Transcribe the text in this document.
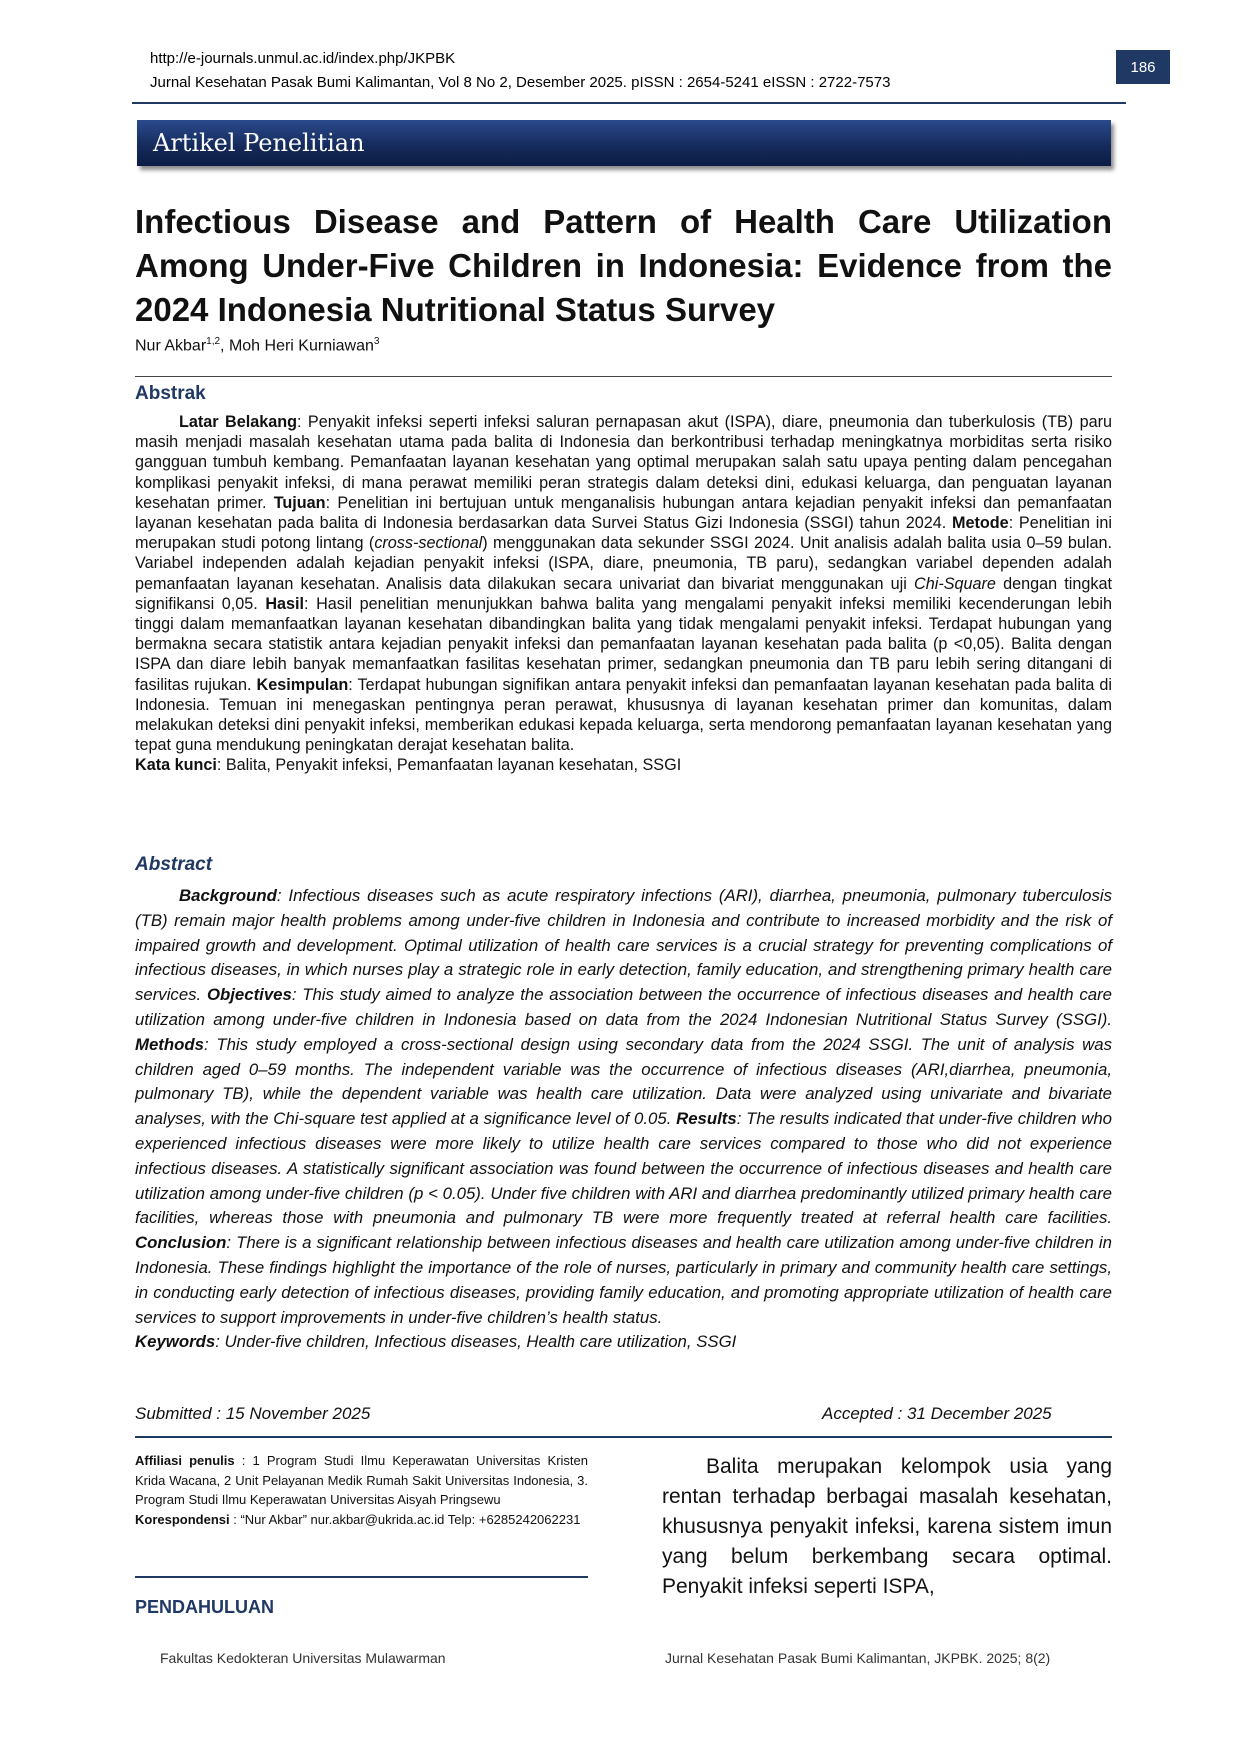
http://e-journals.unmul.ac.id/index.php/JKPBK
Jurnal Kesehatan Pasak Bumi Kalimantan, Vol 8 No 2, Desember 2025. pISSN : 2654-5241 eISSN : 2722-7573
186
Artikel Penelitian
Infectious Disease and Pattern of Health Care Utilization Among Under-Five Children in Indonesia: Evidence from the 2024 Indonesia Nutritional Status Survey
Nur Akbar$^{1,2}$, Moh Heri Kurniawan$^3$
Abstrak
Latar Belakang: Penyakit infeksi seperti infeksi saluran pernapasan akut (ISPA), diare, pneumonia dan tuberkulosis (TB) paru masih menjadi masalah kesehatan utama pada balita di Indonesia dan berkontribusi terhadap meningkatnya morbiditas serta risiko gangguan tumbuh kembang. Pemanfaatan layanan kesehatan yang optimal merupakan salah satu upaya penting dalam pencegahan komplikasi penyakit infeksi, di mana perawat memiliki peran strategis dalam deteksi dini, edukasi keluarga, dan penguatan layanan kesehatan primer. Tujuan: Penelitian ini bertujuan untuk menganalisis hubungan antara kejadian penyakit infeksi dan pemanfaatan layanan kesehatan pada balita di Indonesia berdasarkan data Survei Status Gizi Indonesia (SSGI) tahun 2024. Metode: Penelitian ini merupakan studi potong lintang (cross-sectional) menggunakan data sekunder SSGI 2024. Unit analisis adalah balita usia 0–59 bulan. Variabel independen adalah kejadian penyakit infeksi (ISPA, diare, pneumonia, TB paru), sedangkan variabel dependen adalah pemanfaatan layanan kesehatan. Analisis data dilakukan secara univariat dan bivariat menggunakan uji Chi-Square dengan tingkat signifikansi 0,05. Hasil: Hasil penelitian menunjukkan bahwa balita yang mengalami penyakit infeksi memiliki kecenderungan lebih tinggi dalam memanfaatkan layanan kesehatan dibandingkan balita yang tidak mengalami penyakit infeksi. Terdapat hubungan yang bermakna secara statistik antara kejadian penyakit infeksi dan pemanfaatan layanan kesehatan pada balita (p <0,05). Balita dengan ISPA dan diare lebih banyak memanfaatkan fasilitas kesehatan primer, sedangkan pneumonia dan TB paru lebih sering ditangani di fasilitas rujukan. Kesimpulan: Terdapat hubungan signifikan antara penyakit infeksi dan pemanfaatan layanan kesehatan pada balita di Indonesia. Temuan ini menegaskan pentingnya peran perawat, khususnya di layanan kesehatan primer dan komunitas, dalam melakukan deteksi dini penyakit infeksi, memberikan edukasi kepada keluarga, serta mendorong pemanfaatan layanan kesehatan yang tepat guna mendukung peningkatan derajat kesehatan balita.

Kata kunci: Balita, Penyakit infeksi, Pemanfaatan layanan kesehatan, SSGI

Abstract
Background: Infectious diseases such as acute respiratory infections (ARI), diarrhea, pneumonia, pulmonary tuberculosis (TB) remain major health problems among under-five children in Indonesia and contribute to increased morbidity and the risk of impaired growth and development. Optimal utilization of health care services is a crucial strategy for preventing complications of infectious diseases, in which nurses play a strategic role in early detection, family education, and strengthening primary health care services. Objectives: This study aimed to analyze the association between the occurrence of infectious diseases and health care utilization among under-five children in Indonesia based on data from the 2024 Indonesian Nutritional Status Survey (SSGI). Methods: This study employed a cross-sectional design using secondary data from the 2024 SSGI. The unit of analysis was children aged 0–59 months. The independent variable was the occurrence of infectious diseases (ARI,diarrhea, pneumonia, pulmonary TB), while the dependent variable was health care utilization. Data were analyzed using univariate and bivariate analyses, with the Chi-square test applied at a significance level of 0.05. Results: The results indicated that under-five children who experienced infectious diseases were more likely to utilize health care services compared to those who did not experience infectious diseases. A statistically significant association was found between the occurrence of infectious diseases and health care utilization among under-five children (p < 0.05). Under five children with ARI and diarrhea predominantly utilized primary health care facilities, whereas those with pneumonia and pulmonary TB were more frequently treated at referral health care facilities. Conclusion: There is a significant relationship between infectious diseases and health care utilization among under-five children in Indonesia. These findings highlight the importance of the role of nurses, particularly in primary and community health care settings, in conducting early detection of infectious diseases, providing family education, and promoting appropriate utilization of health care services to support improvements in under-five children’s health status.

Keywords: Under-five children, Infectious diseases, Health care utilization, SSGI

Submitted : 15 November 2025	Accepted : 31 December 2025
Affiliasi penulis : 1 Program Studi Ilmu Keperawatan Universitas Kristen Krida Wacana, 2 Unit Pelayanan Medik Rumah Sakit Universitas Indonesia, 3. Program Studi Ilmu Keperawatan Universitas Aisyah Pringsewu
Korespondensi : “Nur Akbar” nur.akbar@ukrida.ac.id Telp: +6285242062231
PENDAHULUAN
Balita merupakan kelompok usia yang rentan terhadap berbagai masalah kesehatan, khususnya penyakit infeksi, karena sistem imun yang belum berkembang secara optimal. Penyakit infeksi seperti ISPA,
Fakultas Kedokteran Universitas Mulawarman	Jurnal Kesehatan Pasak Bumi Kalimantan, JKPBK. 2025; 8(2)
